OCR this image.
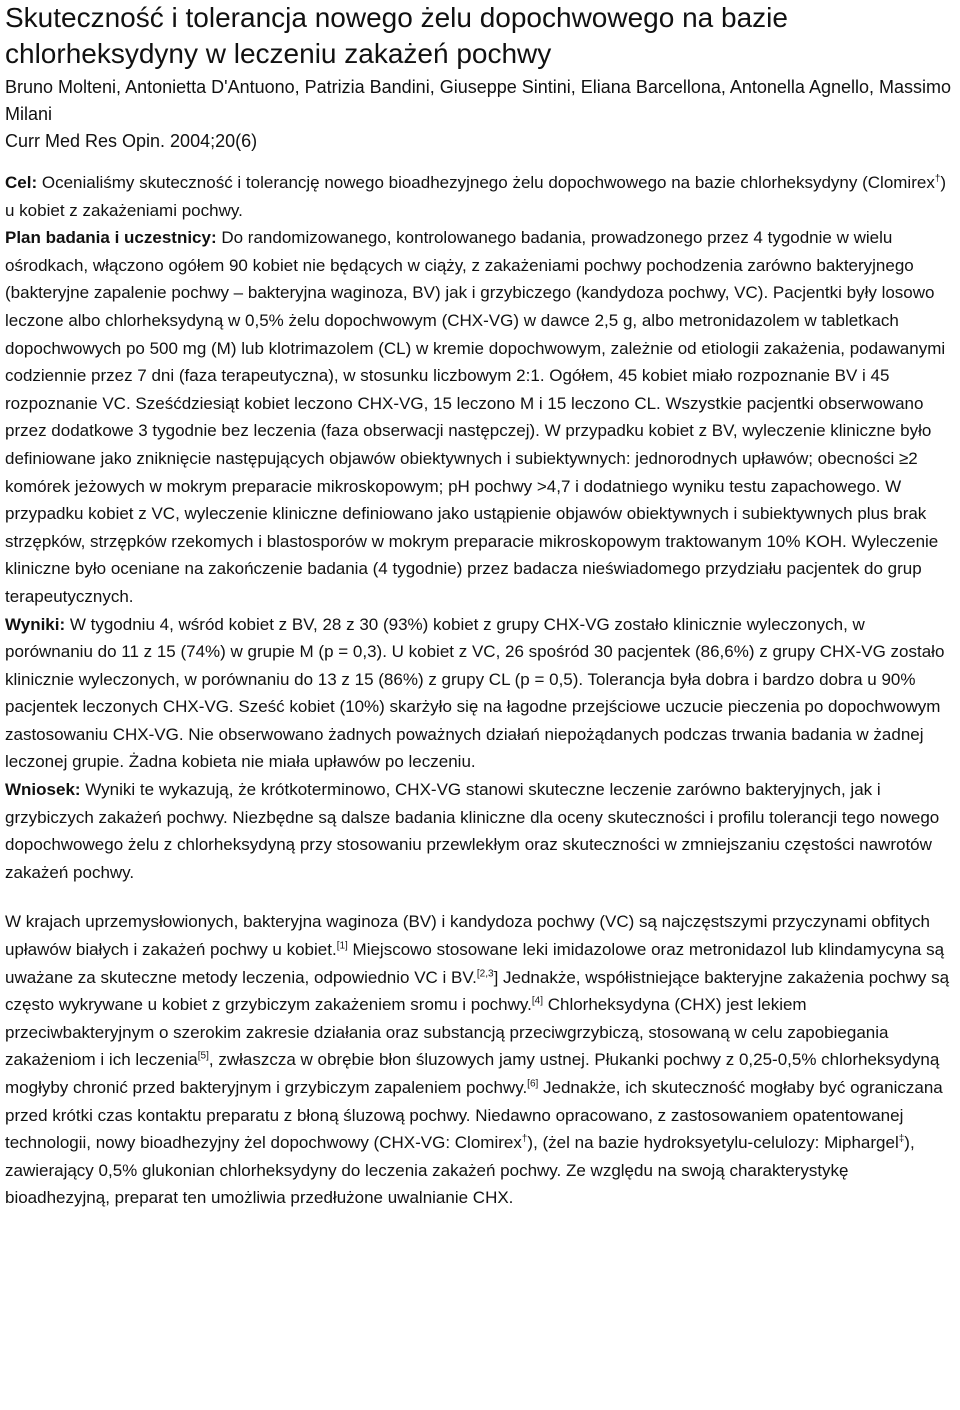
Skuteczność i tolerancja nowego żelu dopochwowego na bazie chlorheksydyny w leczeniu zakażeń pochwy
Bruno Molteni, Antonietta D'Antuono, Patrizia Bandini, Giuseppe Sintini, Eliana Barcellona, Antonella Agnello, Massimo Milani
Curr Med Res Opin. 2004;20(6)

Cel: Ocenialiśmy skuteczność i tolerancję nowego bioadhezyjnego żelu dopochwowego na bazie chlorheksydyny (Clomirex†) u kobiet z zakażeniami pochwy.

Plan badania i uczestnicy: Do randomizowanego, kontrolowanego badania, prowadzonego przez 4 tygodnie w wielu ośrodkach, włączono ogółem 90 kobiet nie będących w ciąży, z zakażeniami pochwy pochodzenia zarówno bakteryjnego (bakteryjne zapalenie pochwy – bakteryjna waginoza, BV) jak i grzybiczego (kandydoza pochwy, VC). Pacjentki były losowo leczone albo chlorheksydyną w 0,5% żelu dopochwowym (CHX-VG) w dawce 2,5 g, albo metronidazolem w tabletkach dopochwowych po 500 mg (M) lub klotrimazolem (CL) w kremie dopochwowym, zależnie od etiologii zakażenia, podawanymi codziennie przez 7 dni (faza terapeutyczna), w stosunku liczbowym 2:1. Ogółem, 45 kobiet miało rozpoznanie BV i 45 rozpoznanie VC. Sześćdziesiąt kobiet leczono CHX-VG, 15 leczono M i 15 leczono CL. Wszystkie pacjentki obserwowano przez dodatkowe 3 tygodnie bez leczenia (faza obserwacji następczej). W przypadku kobiet z BV, wyleczenie kliniczne było definiowane jako zniknięcie następujących objawów obiektywnych i subiektywnych: jednorodnych upławów; obecności ≥2 komórek jeżowych w mokrym preparacie mikroskopowym; pH pochwy >4,7 i dodatniego wyniku testu zapachowego. W przypadku kobiet z VC, wyleczenie kliniczne definiowano jako ustąpienie objawów obiektywnych i subiektywnych plus brak strzępków, strzępków rzekomych i blastosporów w mokrym preparacie mikroskopowym traktowanym 10% KOH. Wyleczenie kliniczne było oceniane na zakończenie badania (4 tygodnie) przez badacza nieświadomego przydziału pacjentek do grup terapeutycznych.

Wyniki: W tygodniu 4, wśród kobiet z BV, 28 z 30 (93%) kobiet z grupy CHX-VG zostało klinicznie wyleczonych, w porównaniu do 11 z 15 (74%) w grupie M (p = 0,3). U kobiet z VC, 26 spośród 30 pacjentek (86,6%) z grupy CHX-VG zostało klinicznie wyleczonych, w porównaniu do 13 z 15 (86%) z grupy CL (p = 0,5). Tolerancja była dobra i bardzo dobra u 90% pacjentek leczonych CHX-VG. Sześć kobiet (10%) skarżyło się na łagodne przejściowe uczucie pieczenia po dopochwowym zastosowaniu CHX-VG. Nie obserwowano żadnych poważnych działań niepożądanych podczas trwania badania w żadnej leczonej grupie. Żadna kobieta nie miała upławów po leczeniu.

Wniosek: Wyniki te wykazują, że krótkoterminowo, CHX-VG stanowi skuteczne leczenie zarówno bakteryjnych, jak i grzybiczych zakażeń pochwy. Niezbędne są dalsze badania kliniczne dla oceny skuteczności i profilu tolerancji tego nowego dopochwowego żelu z chlorheksydyną przy stosowaniu przewlekłym oraz skuteczności w zmniejszaniu częstości nawrotów zakażeń pochwy.

W krajach uprzemysłowionych, bakteryjna waginoza (BV) i kandydoza pochwy (VC) są najczęstszymi przyczynami obfitych upławów białych i zakażeń pochwy u kobiet.[1] Miejscowo stosowane leki imidazolowe oraz metronidazol lub klindamycyna są uważane za skuteczne metody leczenia, odpowiednio VC i BV.$^{[2,3}$] Jednakże, współistniejące bakteryjne zakażenia pochwy są często wykrywane u kobiet z grzybiczym zakażeniem sromu i pochwy.[4] Chlorheksydyna (CHX) jest lekiem przeciwbakteryjnym o szerokim zakresie działania oraz substancją przeciwgrzybiczą, stosowaną w celu zapobiegania zakażeniom i ich leczenia[5], zwłaszcza w obrębie błon śluzowych jamy ustnej. Płukanki pochwy z 0,25-0,5% chlorheksydyną mogłyby chronić przed bakteryjnym i grzybiczym zapaleniem pochwy.[6] Jednakże, ich skuteczność mogłaby być ograniczana przed krótki czas kontaktu preparatu z błoną śluzową pochwy. Niedawno opracowano, z zastosowaniem opatentowanej technologii, nowy bioadhezyjny żel dopochwowy (CHX-VG: Clomirex†), (żel na bazie hydroksyetylu-celulozy: Miphargel‡), zawierający 0,5% glukonian chlorheksydyny do leczenia zakażeń pochwy. Ze względu na swoją charakterystykę bioadhezyjną, preparat ten umożliwia przedłużone uwalnianie CHX.
